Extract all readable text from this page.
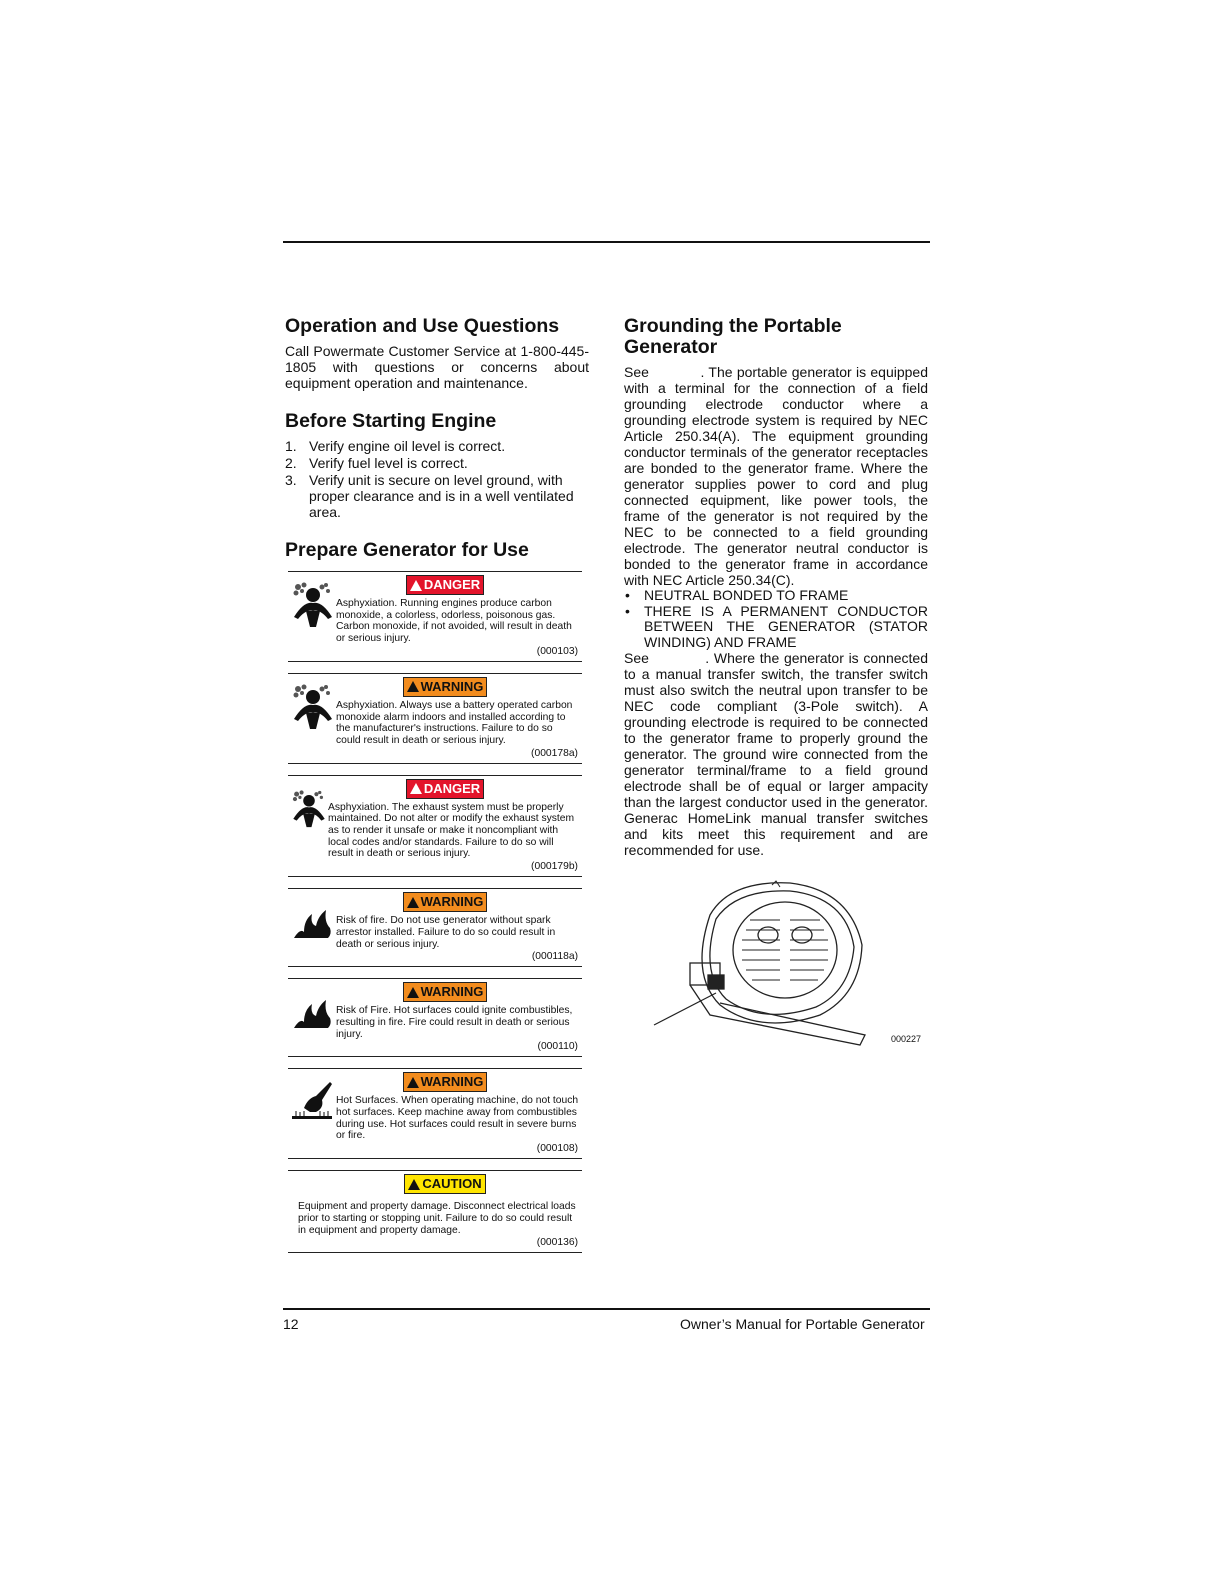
Operation and Use Questions

Call Powermate Customer Service at 1-800-445-1805 with questions or concerns about equipment operation and maintenance.

Before Starting Engine
1. Verify engine oil level is correct.
2. Verify fuel level is correct.
3. Verify unit is secure on level ground, with proper clearance and is in a well ventilated area.
Prepare Generator for Use
DANGER
Asphyxiation. Running engines produce carbon monoxide, a colorless, odorless, poisonous gas. Carbon monoxide, if not avoided, will result in death or serious injury.
(000103)
WARNING
Asphyxiation. Always use a battery operated carbon monoxide alarm indoors and installed according to the manufacturer's instructions. Failure to do so could result in death or serious injury.
(000178a)
DANGER
Asphyxiation. The exhaust system must be properly maintained. Do not alter or modify the exhaust system as to render it unsafe or make it noncompliant with local codes and/or standards. Failure to do so will result in death or serious injury.
(000179b)
WARNING
Risk of fire. Do not use generator without spark arrestor installed. Failure to do so could result in death or serious injury.
(000118a)
WARNING
Risk of Fire. Hot surfaces could ignite combustibles, resulting in fire. Fire could result in death or serious injury.
(000110)
WARNING
Hot Surfaces. When operating machine, do not touch hot surfaces. Keep machine away from combustibles during use. Hot surfaces could result in severe burns or fire.
(000108)
CAUTION
Equipment and property damage. Disconnect electrical loads prior to starting or stopping unit. Failure to do so could result in equipment and property damage.
(000136)
Grounding the Portable Generator

See            . The portable generator is equipped with a terminal for the connection of a field grounding electrode conductor where a grounding electrode system is required by NEC Article 250.34(A). The equipment grounding conductor terminals of the generator receptacles are bonded to the generator frame. Where the generator supplies power to cord and plug connected equipment, like power tools, the frame of the generator is not required by the NEC to be connected to a field grounding electrode. The generator neutral conductor is bonded to the generator frame in accordance with NEC Article 250.34(C).

•	NEUTRAL BONDED TO FRAME
•	THERE IS A PERMANENT CONDUCTOR BETWEEN THE GENERATOR (STATOR WINDING) AND FRAME

See            . Where the generator is connected to a manual transfer switch, the transfer switch must also switch the neutral upon transfer to be NEC code compliant (3-Pole switch). A grounding electrode is required to be connected to the generator frame to properly ground the generator. The ground wire connected from the generator terminal/frame to a field ground electrode shall be of equal or larger ampacity than the largest conductor used in the generator. Generac HomeLink manual transfer switches and kits meet this requirement and are recommended for use.

000227
12	Owner’s Manual for Portable Generator
